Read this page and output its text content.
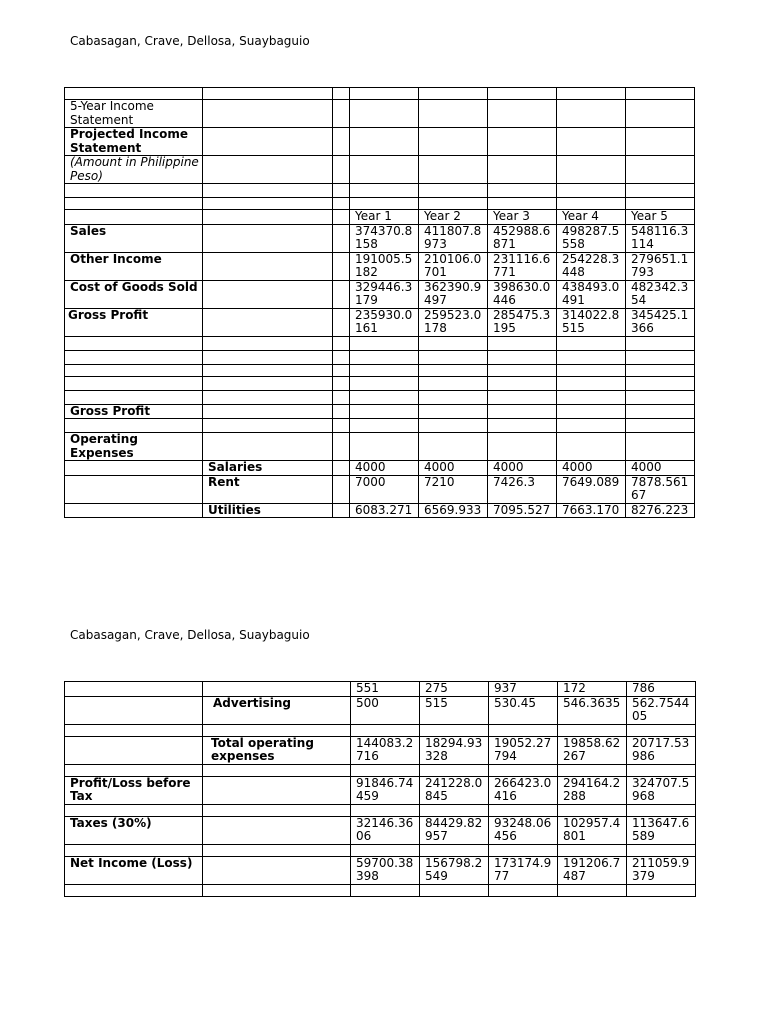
Cabasagan, Crave, Dellosa, Suaybaguio

5-Year Income Statement							
Projected Income Statement							
(Amount in Philippine Peso)							

			Year 1	Year 2	Year 3	Year 4	Year 5
Sales			374370.8158	411807.8973	452988.6871	498287.5558	548116.3114
Other Income			191005.5182	210106.0701	231116.6771	254228.3448	279651.1793
Cost of Goods Sold			329446.3179	362390.9497	398630.0446	438493.0491	482342.354
Gross Profit			235930.0161	259523.0178	285475.3195	314022.8515	345425.1366

Gross Profit							

Operating Expenses							
	Salaries		4000	4000	4000	4000	4000
	Rent		7000	7210	7426.3	7649.089	7878.56167
	Utilities		6083.271	6569.933	7095.527	7663.170	8276.223
Cabasagan, Crave, Dellosa, Suaybaguio
		551	275	937	172	786
	Advertising	500	515	530.45	546.3635	562.754405

	Total operating expenses	144083.2716	18294.93328	19052.27794	19858.62267	20717.53986

Profit/Loss before Tax		91846.74459	241228.0845	266423.0416	294164.2288	324707.5968

Taxes (30%)		32146.3606	84429.82957	93248.06456	102957.4801	113647.6589

Net Income (Loss)		59700.38398	156798.2549	173174.977	191206.7487	211059.9379
